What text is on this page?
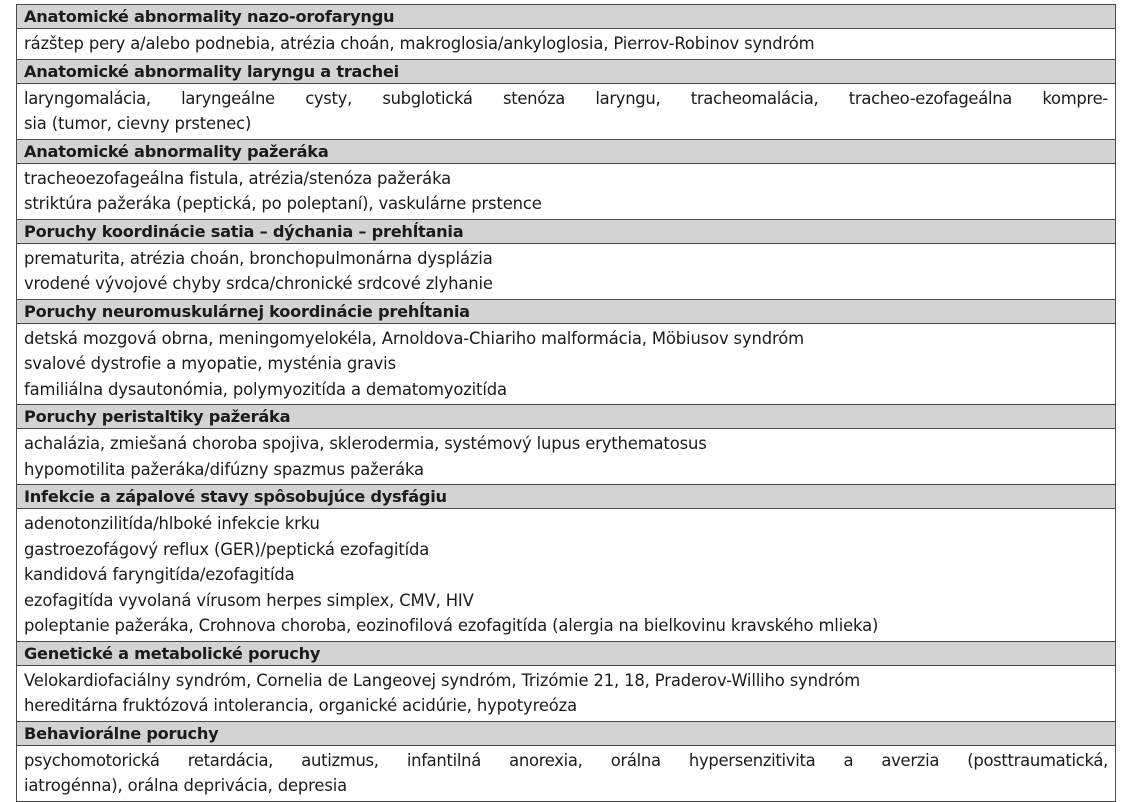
Anatomické abnormality nazo-orofaryngu
rázštep pery a/alebo podnebia, atrézia choán, makroglosia/ankyloglosia, Pierrov-Robinov syndróm
Anatomické abnormality laryngu a trachei
laryngomalácia, laryngeálne cysty, subglotická stenóza laryngu, tracheomalácia, tracheo-ezofageálna kompre-
sia (tumor, cievny prstenec)
Anatomické abnormality pažeráka
tracheoezofageálna fistula, atrézia/stenóza pažeráka
striktúra pažeráka (peptická, po poleptaní), vaskulárne prstence
Poruchy koordinácie satia – dýchania – prehĺtania
prematurita, atrézia choán, bronchopulmonárna dysplázia
vrodené vývojové chyby srdca/chronické srdcové zlyhanie
Poruchy neuromuskulárnej koordinácie prehĺtania
detská mozgová obrna, meningomyelokéla, Arnoldova-Chiariho malformácia, Möbiusov syndróm
svalové dystrofie a myopatie, mysténia gravis
familiálna dysautonómia, polymyozitída a dematomyozitída
Poruchy peristaltiky pažeráka
achalázia, zmiešaná choroba spojiva, sklerodermia, systémový lupus erythematosus
hypomotilita pažeráka/difúzny spazmus pažeráka
Infekcie a zápalové stavy spôsobujúce dysfágiu
adenotonzilitída/hlboké infekcie krku
gastroezofágový reflux (GER)/peptická ezofagitída
kandidová faryngitída/ezofagitída
ezofagitída vyvolaná vírusom herpes simplex, CMV, HIV
poleptanie pažeráka, Crohnova choroba, eozinofilová ezofagitída (alergia na bielkovinu kravského mlieka)
Genetické a metabolické poruchy
Velokardiofaciálny syndróm, Cornelia de Langeovej syndróm, Trizómie 21, 18, Praderov-Williho syndróm
hereditárna fruktózová intolerancia, organické acidúrie, hypotyreóza
Behaviorálne poruchy
psychomotorická retardácia, autizmus, infantilná anorexia, orálna hypersenzitivita a averzia (posttraumatická,
iatrogénna), orálna deprivácia, depresia
